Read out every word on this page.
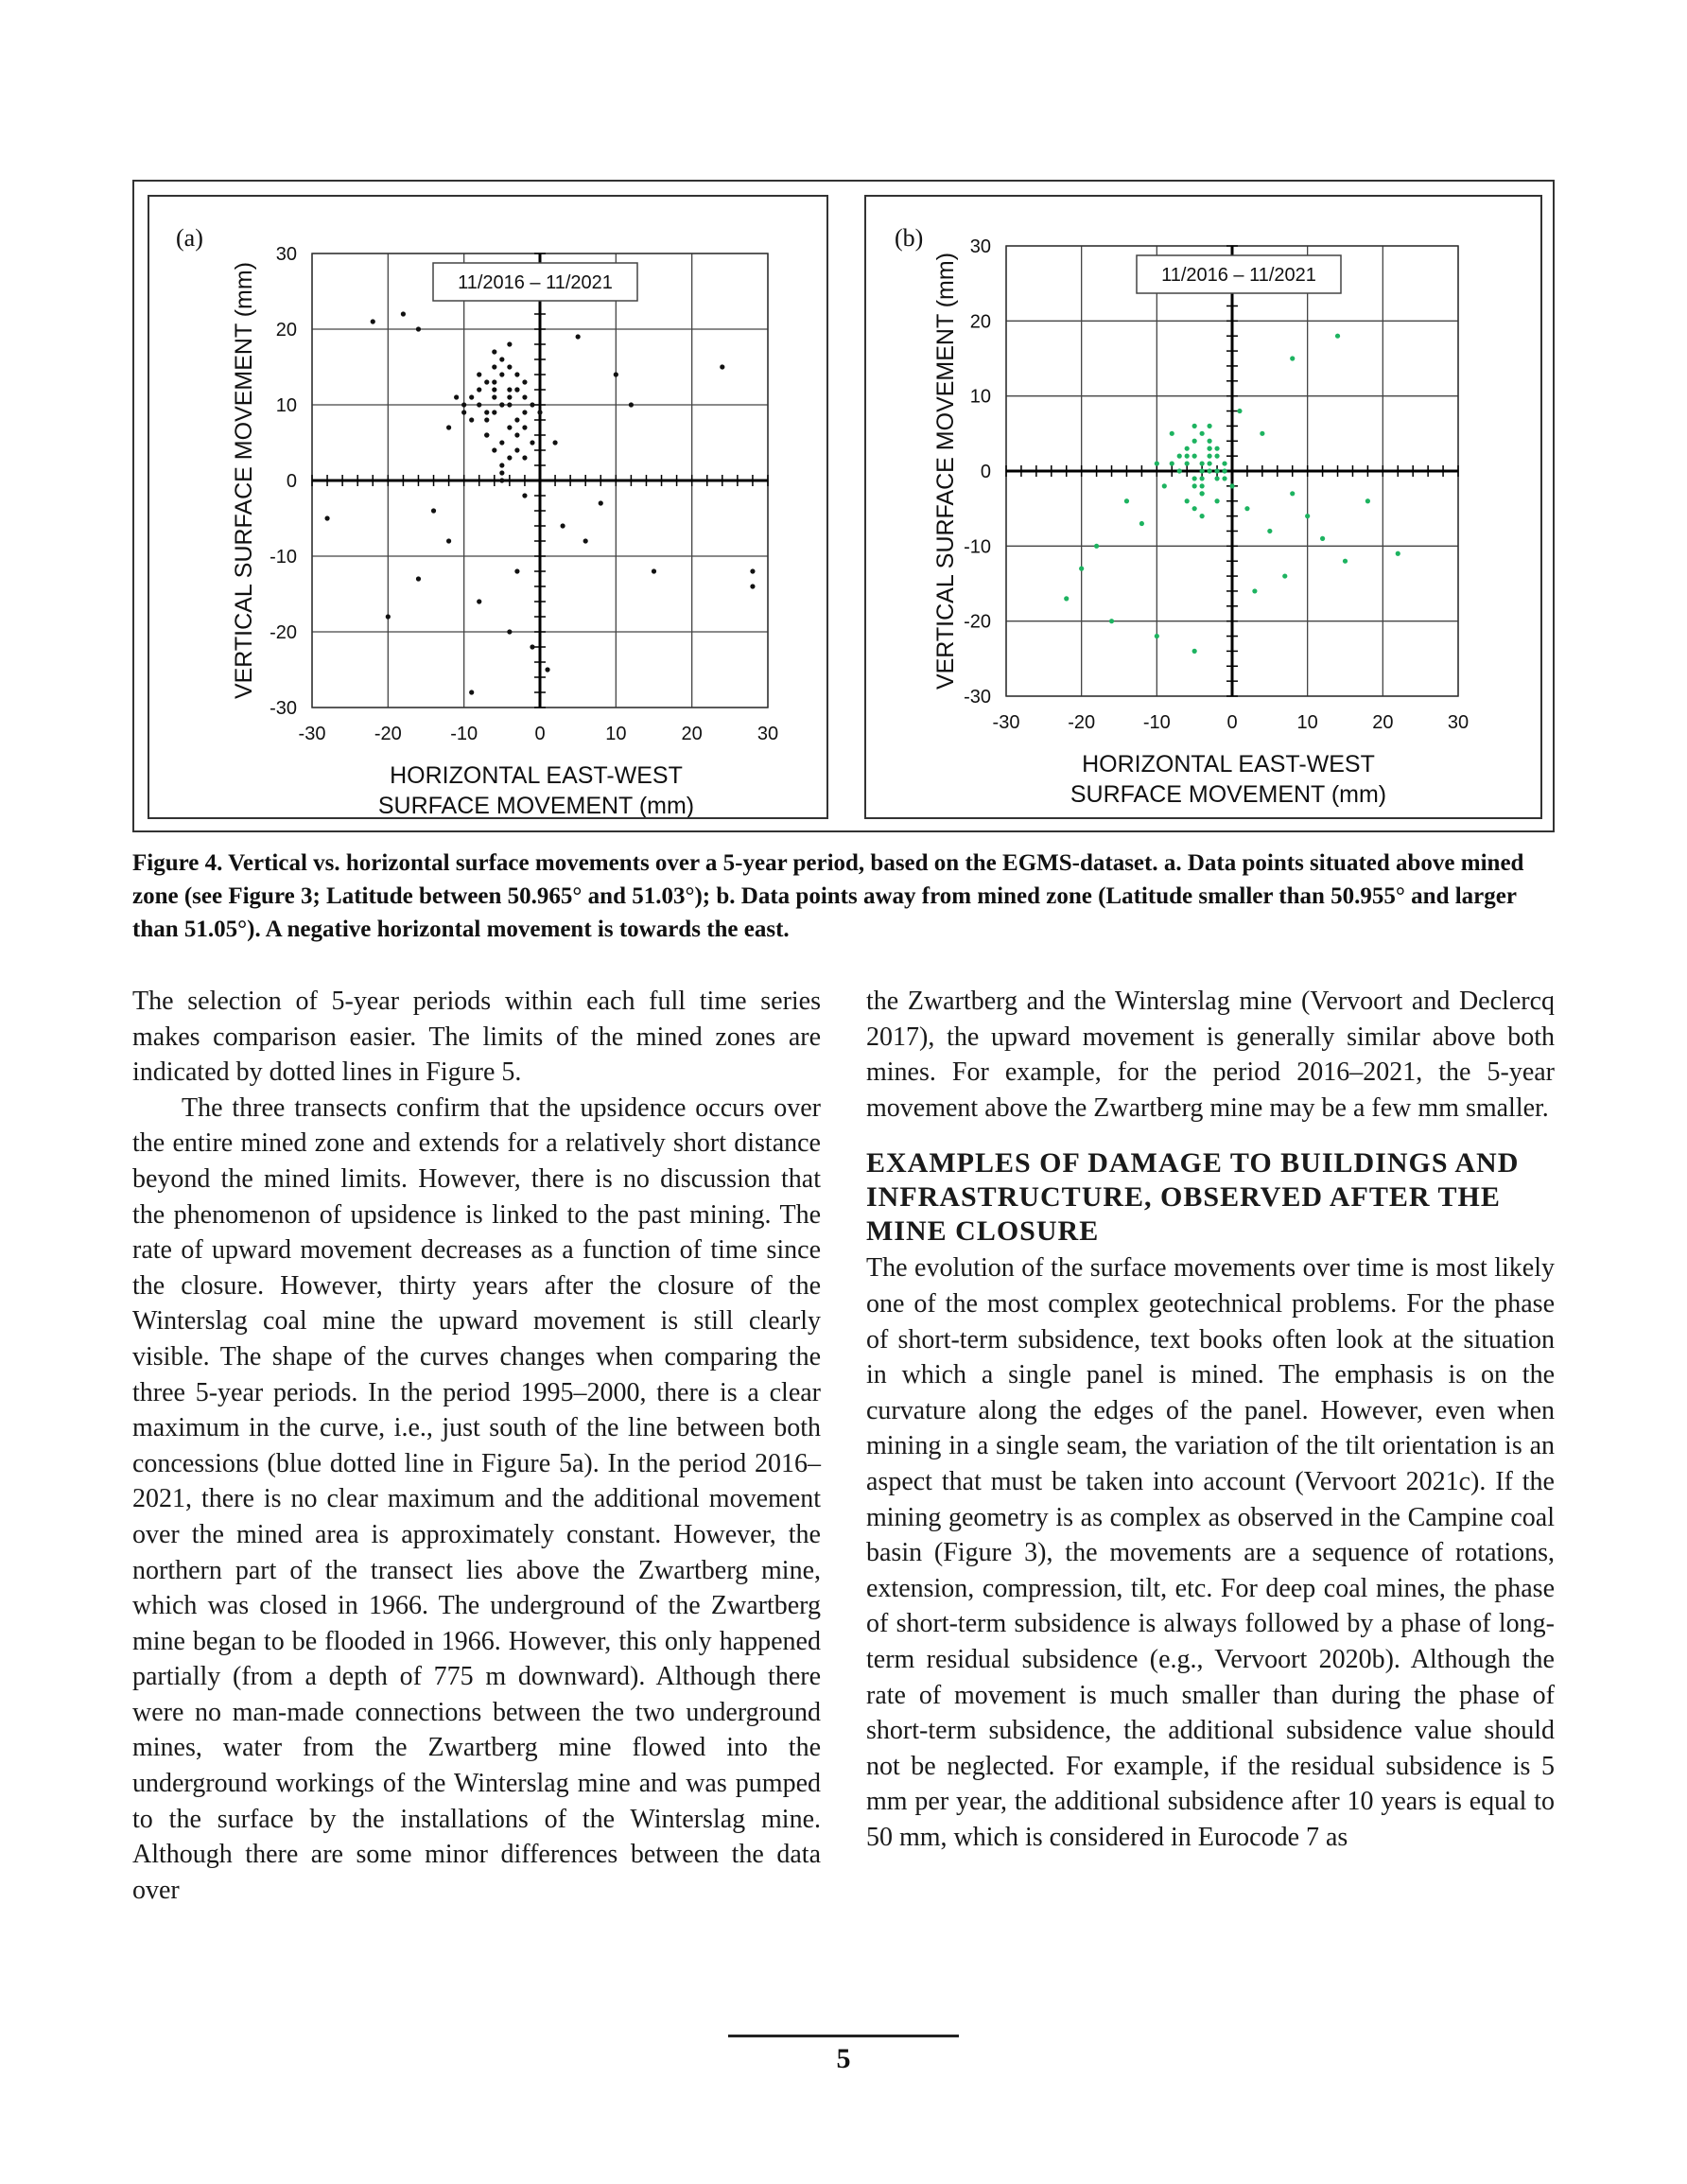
(a)
-30	-20	-10	0	10	20	30
30
20
10
0
-10
-20
-30
VERTICAL SURFACE MOVEMENT (mm)
HORIZONTAL EAST-WEST
SURFACE MOVEMENT (mm)
11/2016 – 11/2021
(b)
-30	-20	-10	0	10	20	30
30
20
10
0
-10
-20
-30
VERTICAL SURFACE MOVEMENT (mm)
HORIZONTAL EAST-WEST
SURFACE MOVEMENT (mm)
11/2016 – 11/2021

Figure 4. Vertical vs. horizontal surface movements over a 5-year period, based on the EGMS-dataset. a. Data points situated above mined zone (see Figure 3; Latitude between 50.965° and 51.03°); b. Data points away from mined zone (Latitude smaller than 50.955° and larger than 51.05°). A negative horizontal movement is towards the east.

The selection of 5-year periods within each full time series makes comparison easier. The limits of the mined zones are indicated by dotted lines in Figure 5.

The three transects confirm that the upsidence occurs over the entire mined zone and extends for a relatively short distance beyond the mined limits. However, there is no discussion that the phenomenon of upsidence is linked to the past mining. The rate of upward movement decreases as a function of time since the closure. However, thirty years after the closure of the Winterslag coal mine the upward movement is still clearly visible. The shape of the curves changes when comparing the three 5-year periods. In the period 1995–2000, there is a clear maximum in the curve, i.e., just south of the line between both concessions (blue dotted line in Figure 5a). In the period 2016–2021, there is no clear maximum and the additional movement over the mined area is approximately constant. However, the northern part of the transect lies above the Zwartberg mine, which was closed in 1966. The underground of the Zwartberg mine began to be flooded in 1966. However, this only happened partially (from a depth of 775 m downward). Although there were no man-made connections between the two underground mines, water from the Zwartberg mine flowed into the underground workings of the Winterslag mine and was pumped to the surface by the installations of the Winterslag mine. Although there are some minor differences between the data over

the Zwartberg and the Winterslag mine (Vervoort and Declercq 2017), the upward movement is generally similar above both mines. For example, for the period 2016–2021, the 5-year movement above the Zwartberg mine may be a few mm smaller.

EXAMPLES OF DAMAGE TO BUILDINGS AND INFRASTRUCTURE, OBSERVED AFTER THE MINE CLOSURE

The evolution of the surface movements over time is most likely one of the most complex geotechnical problems. For the phase of short-term subsidence, text books often look at the situation in which a single panel is mined. The emphasis is on the curvature along the edges of the panel. However, even when mining in a single seam, the variation of the tilt orientation is an aspect that must be taken into account (Vervoort 2021c). If the mining geometry is as complex as observed in the Campine coal basin (Figure 3), the movements are a sequence of rotations, extension, compression, tilt, etc. For deep coal mines, the phase of short-term subsidence is always followed by a phase of long-term residual subsidence (e.g., Vervoort 2020b). Although the rate of movement is much smaller than during the phase of short-term subsidence, the additional subsidence value should not be neglected. For example, if the residual subsidence is 5 mm per year, the additional subsidence after 10 years is equal to 50 mm, which is considered in Eurocode 7 as

5
